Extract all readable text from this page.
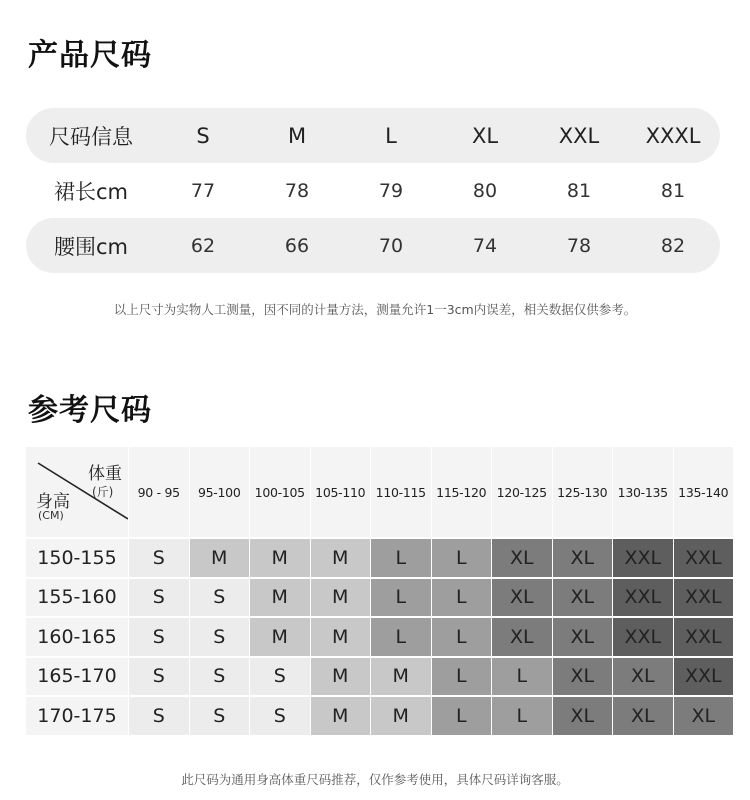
产品尺码
尺码信息	S	M	L	XL	XXL	XXXL
裙长cm	77	78	79	80	81	81
腰围cm	62	66	70	74	78	82
以上尺寸为实物人工测量，因不同的计量方法，测量允许1一3cm内误差，相关数据仅供参考。
参考尺码
体重
(斤)
身高
(CM)
90 - 95	95-100	100-105 105-110 110-115 115-120 120-125 125-130 130-135 135-140
150-155	S	M	M	M	L	L	XL	XL	XXL	XXL
155-160	S	S	M	M	L	L	XL	XL	XXL	XXL
160-165	S	S	M	M	L	L	XL	XL	XXL	XXL
165-170	S	S	S	M	M	L	L	XL	XL	XXL
170-175	S	S	S	M	M	L	L	XL	XL	XL
此尺码为通用身高体重尺码推荐，仅作参考使用，具体尺码详询客服。
